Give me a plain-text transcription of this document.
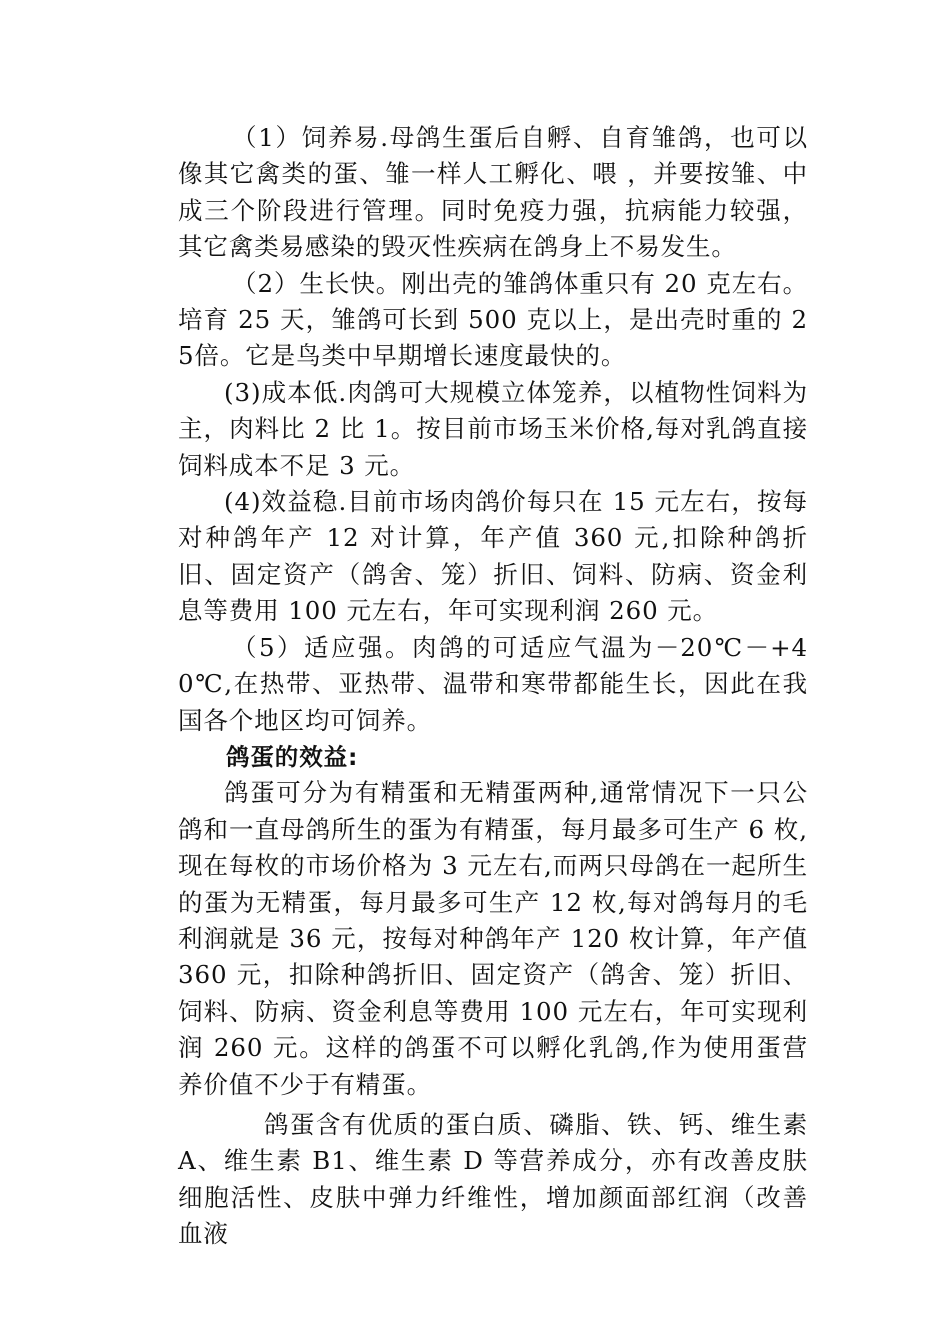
（1）饲养易.母鸽生蛋后自孵、自育雏鸽，也可以像其它禽类的蛋、雏一样人工孵化、喂 ，并要按雏、中成三个阶段进行管理。同时免疫力强，抗病能力较强，其它禽类易感染的毁灭性疾病在鸽身上不易发生。

（2）生长快。刚出壳的雏鸽体重只有 20 克左右。培育 25 天，雏鸽可长到 500 克以上，是出壳时重的 25倍。它是鸟类中早期增长速度最快的。

(3)成本低.肉鸽可大规模立体笼养，以植物性饲料为主，肉料比 2 比 1。按目前市场玉米价格,每对乳鸽直接饲料成本不足 3 元。

(4)效益稳.目前市场肉鸽价每只在 15 元左右，按每对种鸽年产 12 对计算，年产值 360 元,扣除种鸽折旧、固定资产（鸽舍、笼）折旧、饲料、防病、资金利息等费用 100 元左右，年可实现利润 260 元。

（5）适应强。肉鸽的可适应气温为－20℃－+40℃,在热带、亚热带、温带和寒带都能生长，因此在我国各个地区均可饲养。

鸽蛋的效益:

鸽蛋可分为有精蛋和无精蛋两种,通常情况下一只公鸽和一直母鸽所生的蛋为有精蛋，每月最多可生产 6 枚,现在每枚的市场价格为 3 元左右,而两只母鸽在一起所生的蛋为无精蛋，每月最多可生产 12 枚,每对鸽每月的毛利润就是 36 元，按每对种鸽年产 120 枚计算，年产值360 元，扣除种鸽折旧、固定资产（鸽舍、笼）折旧、饲料、防病、资金利息等费用 100 元左右，年可实现利润 260 元。这样的鸽蛋不可以孵化乳鸽,作为使用蛋营养价值不少于有精蛋。

鸽蛋含有优质的蛋白质、磷脂、铁、钙、维生素A、维生素 B1、维生素 D 等营养成分，亦有改善皮肤细胞活性、皮肤中弹力纤维性，增加颜面部红润（改善血液
